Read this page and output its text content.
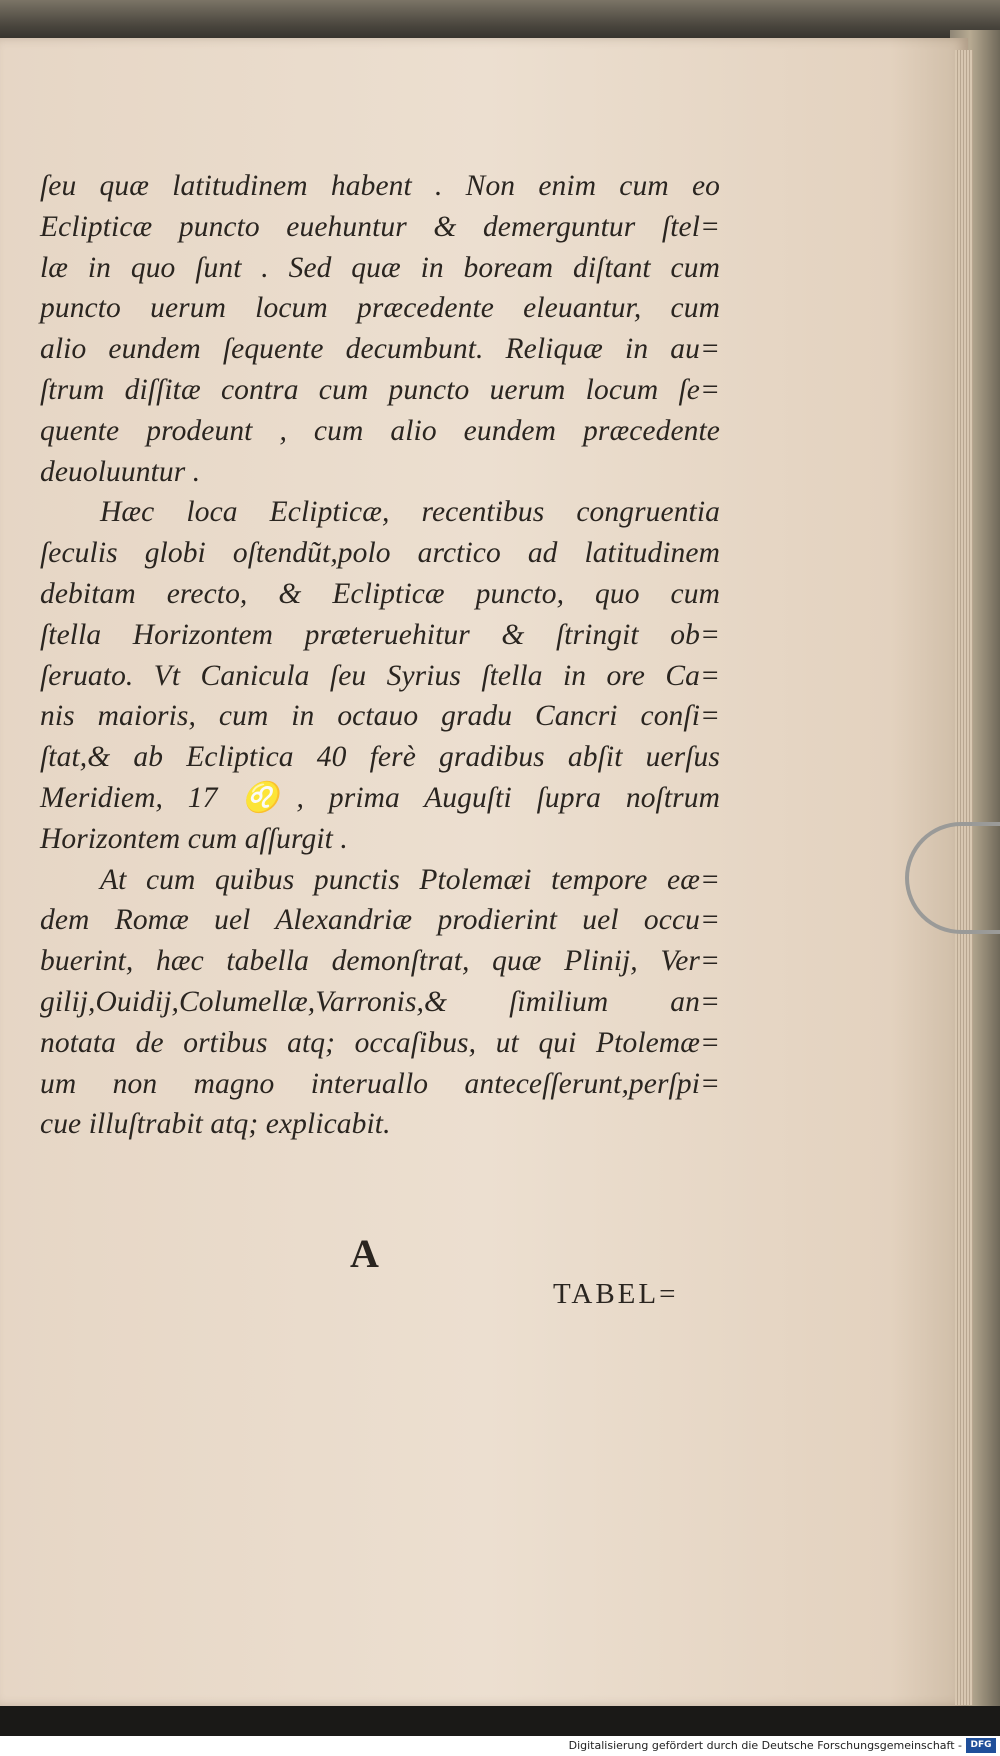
ſeu quæ latitudinem habent . Non enim cum eo
Eclipticæ puncto euehuntur & demerguntur ſtel=
læ in quo ſunt . Sed quæ in boream diſtant cum
puncto uerum locum præcedente eleuantur, cum
alio eundem ſequente decumbunt. Reliquæ in au=
ſtrum diſſitæ contra cum puncto uerum locum ſe=
quente prodeunt , cum alio eundem præcedente
deuoluuntur .
Hæc loca Eclipticæ, recentibus congruentia
ſeculis globi oſtendũt,polo arctico ad latitudinem
debitam erecto, & Eclipticæ puncto, quo cum
ſtella Horizontem præteruehitur & ſtringit ob=
ſeruato. Vt Canicula ſeu Syrius ſtella in ore Ca=
nis maioris, cum in octauo gradu Cancri conſi=
ſtat,& ab Ecliptica 40 ferè gradibus abſit uerſus
Meridiem, 17 ♌, prima Auguſti ſupra noſtrum
Horizontem cum aſſurgit .
At cum quibus punctis Ptolemæi tempore eæ=
dem Romæ uel Alexandriæ prodierint uel occu=
buerint, hæc tabella demonſtrat, quæ Plinij, Ver=
gilij,Ouidij,Columellæ,Varronis,& ſimilium an=
notata de ortibus atq; occaſibus, ut qui Ptolemæ=
um non magno interuallo anteceſſerunt,perſpi=
cue illuſtrabit atq; explicabit.
A
TABEL=
Digitalisierung gefördert durch die Deutsche Forschungsgemeinschaft - DFG
